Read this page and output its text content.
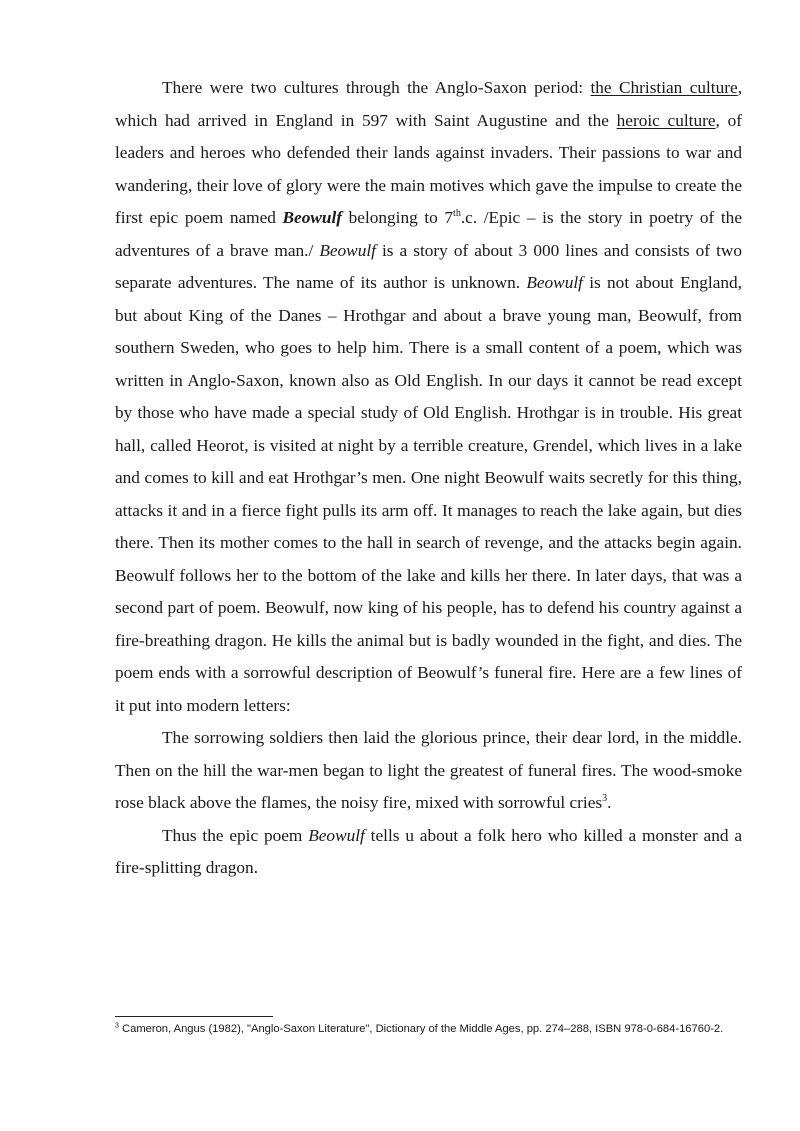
There were two cultures through the Anglo-Saxon period: the Christian culture, which had arrived in England in 597 with Saint Augustine and the heroic culture, of leaders and heroes who defended their lands against invaders. Their passions to war and wandering, their love of glory were the main motives which gave the impulse to create the first epic poem named Beowulf belonging to 7th.c. /Epic – is the story in poetry of the adventures of a brave man./ Beowulf is a story of about 3 000 lines and consists of two separate adventures. The name of its author is unknown. Beowulf is not about England, but about King of the Danes – Hrothgar and about a brave young man, Beowulf, from southern Sweden, who goes to help him. There is a small content of a poem, which was written in Anglo-Saxon, known also as Old English. In our days it cannot be read except by those who have made a special study of Old English. Hrothgar is in trouble. His great hall, called Heorot, is visited at night by a terrible creature, Grendel, which lives in a lake and comes to kill and eat Hrothgar’s men. One night Beowulf waits secretly for this thing, attacks it and in a fierce fight pulls its arm off. It manages to reach the lake again, but dies there. Then its mother comes to the hall in search of revenge, and the attacks begin again. Beowulf follows her to the bottom of the lake and kills her there. In later days, that was a second part of poem. Beowulf, now king of his people, has to defend his country against a fire-breathing dragon. He kills the animal but is badly wounded in the fight, and dies. The poem ends with a sorrowful description of Beowulf’s funeral fire. Here are a few lines of it put into modern letters:

The sorrowing soldiers then laid the glorious prince, their dear lord, in the middle. Then on the hill the war-men began to light the greatest of funeral fires. The wood-smoke rose black above the flames, the noisy fire, mixed with sorrowful cries$^3$.

Thus the epic poem Beowulf tells u about a folk hero who killed a monster and a fire-splitting dragon.

$^3$ Cameron, Angus (1982), "Anglo-Saxon Literature", Dictionary of the Middle Ages, pp. 274–288, ISBN 978-0-684-16760-2.
